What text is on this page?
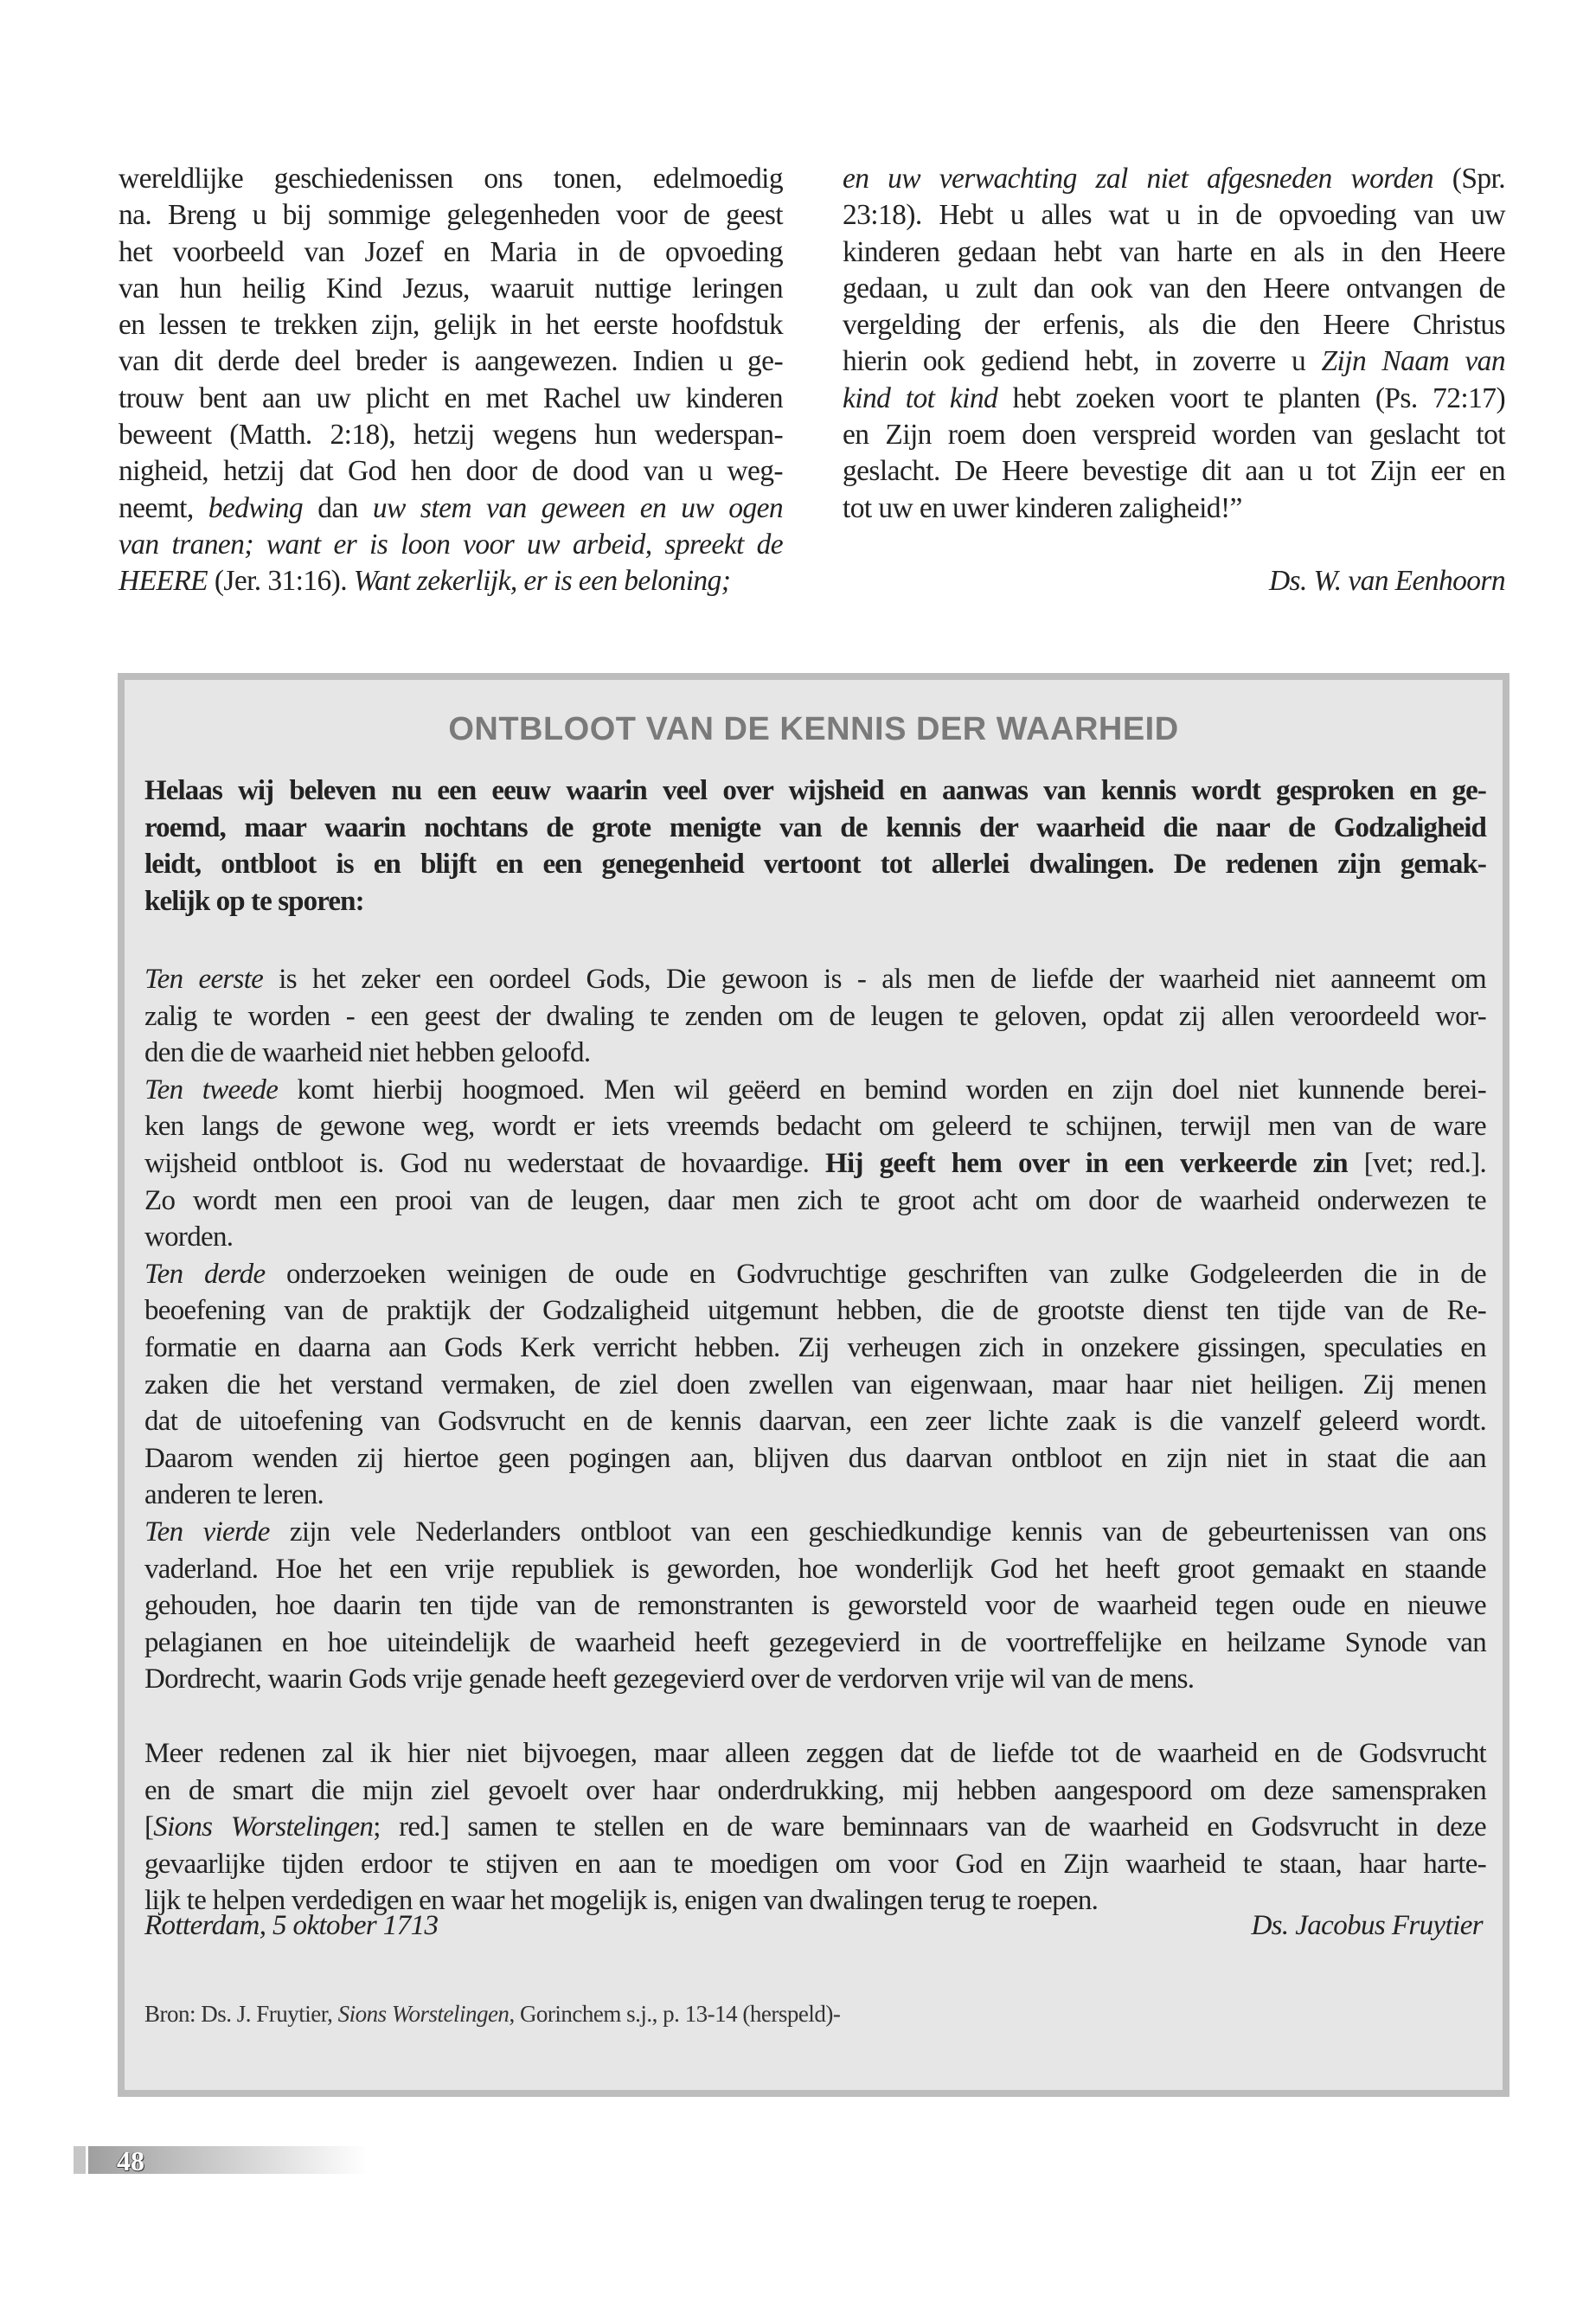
wereldlijke geschiedenissen ons tonen, edelmoedig
na. Breng u bij sommige gelegenheden voor de geest
het voorbeeld van Jozef en Maria in de opvoeding
van hun heilig Kind Jezus, waaruit nuttige leringen
en lessen te trekken zijn, gelijk in het eerste hoofdstuk
van dit derde deel breder is aangewezen. Indien u ge-
trouw bent aan uw plicht en met Rachel uw kinderen
beweent (Matth. 2:18), hetzij wegens hun wederspan-
nigheid, hetzij dat God hen door de dood van u weg-
neemt, bedwing dan uw stem van geween en uw ogen
van tranen; want er is loon voor uw arbeid, spreekt de
HEERE (Jer. 31:16). Want zekerlijk, er is een beloning;
en uw verwachting zal niet afgesneden worden (Spr.
23:18). Hebt u alles wat u in de opvoeding van uw
kinderen gedaan hebt van harte en als in den Heere
gedaan, u zult dan ook van den Heere ontvangen de
vergelding der erfenis, als die den Heere Christus
hierin ook gediend hebt, in zoverre u Zijn Naam van
kind tot kind hebt zoeken voort te planten (Ps. 72:17)
en Zijn roem doen verspreid worden van geslacht tot
geslacht. De Heere bevestige dit aan u tot Zijn eer en
tot uw en uwer kinderen zaligheid!”
Ds. W. van Eenhoorn
ONTBLOOT VAN DE KENNIS DER WAARHEID
Helaas wij beleven nu een eeuw waarin veel over wijsheid en aanwas van kennis wordt gesproken en ge-
roemd, maar waarin nochtans de grote menigte van de kennis der waarheid die naar de Godzaligheid
leidt, ontbloot is en blijft en een genegenheid vertoont tot allerlei dwalingen. De redenen zijn gemak-
kelijk op te sporen:
Ten eerste is het zeker een oordeel Gods, Die gewoon is - als men de liefde der waarheid niet aanneemt om
zalig te worden - een geest der dwaling te zenden om de leugen te geloven, opdat zij allen veroordeeld wor-
den die de waarheid niet hebben geloofd.
Ten tweede komt hierbij hoogmoed. Men wil geëerd en bemind worden en zijn doel niet kunnende berei-
ken langs de gewone weg, wordt er iets vreemds bedacht om geleerd te schijnen, terwijl men van de ware
wijsheid ontbloot is. God nu wederstaat de hovaardige. Hij geeft hem over in een verkeerde zin [vet; red.].
Zo wordt men een prooi van de leugen, daar men zich te groot acht om door de waarheid onderwezen te
worden.
Ten derde onderzoeken weinigen de oude en Godvruchtige geschriften van zulke Godgeleerden die in de
beoefening van de praktijk der Godzaligheid uitgemunt hebben, die de grootste dienst ten tijde van de Re-
formatie en daarna aan Gods Kerk verricht hebben. Zij verheugen zich in onzekere gissingen, speculaties en
zaken die het verstand vermaken, de ziel doen zwellen van eigenwaan, maar haar niet heiligen. Zij menen
dat de uitoefening van Godsvrucht en de kennis daarvan, een zeer lichte zaak is die vanzelf geleerd wordt.
Daarom wenden zij hiertoe geen pogingen aan, blijven dus daarvan ontbloot en zijn niet in staat die aan
anderen te leren.
Ten vierde zijn vele Nederlanders ontbloot van een geschiedkundige kennis van de gebeurtenissen van ons
vaderland. Hoe het een vrije republiek is geworden, hoe wonderlijk God het heeft groot gemaakt en staande
gehouden, hoe daarin ten tijde van de remonstranten is geworsteld voor de waarheid tegen oude en nieuwe
pelagianen en hoe uiteindelijk de waarheid heeft gezegevierd in de voortreffelijke en heilzame Synode van
Dordrecht, waarin Gods vrije genade heeft gezegevierd over de verdorven vrije wil van de mens.
Meer redenen zal ik hier niet bijvoegen, maar alleen zeggen dat de liefde tot de waarheid en de Godsvrucht
en de smart die mijn ziel gevoelt over haar onderdrukking, mij hebben aangespoord om deze samenspraken
[Sions Worstelingen; red.] samen te stellen en de ware beminnaars van de waarheid en Godsvrucht in deze
gevaarlijke tijden erdoor te stijven en aan te moedigen om voor God en Zijn waarheid te staan, haar harte-
lijk te helpen verdedigen en waar het mogelijk is, enigen van dwalingen terug te roepen.
Rotterdam, 5 oktober 1713	Ds. Jacobus Fruytier
Bron: Ds. J. Fruytier, Sions Worstelingen, Gorinchem s.j., p. 13-14 (herspeld)-
48
